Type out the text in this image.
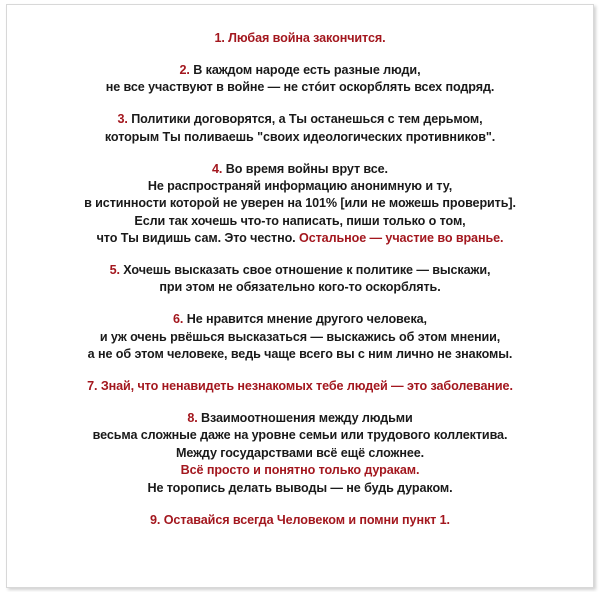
1. Любая война закончится.
2. В каждом народе есть разные люди,
не все участвуют в войне — не стóит оскорблять всех подряд.
3. Политики договорятся, а Ты останешься с тем дерьмом,
которым Ты поливаешь "своих идеологических противников".
4. Во время войны врут все.
Не распространяй информацию анонимную и ту,
в истинности которой не уверен на 101% [или не можешь проверить].
Если так хочешь что-то написать, пиши только о том,
что Ты видишь сам. Это честно. Остальное — участие во вранье.
5. Хочешь высказать свое отношение к политике — выскажи,
при этом не обязательно кого-то оскорблять.
6. Не нравится мнение другого человека,
и уж очень рвёшься высказаться — выскажись об этом мнении,
а не об этом человеке, ведь чаще всего вы с ним лично не знакомы.
7. Знай, что ненавидеть незнакомых тебе людей — это заболевание.
8. Взаимоотношения между людьми
весьма сложные даже на уровне семьи или трудового коллектива.
Между государствами всё ещё сложнее.
Всё просто и понятно только дуракам.
Не торопись делать выводы — не будь дураком.
9. Оставайся всегда Человеком и помни пункт 1.
